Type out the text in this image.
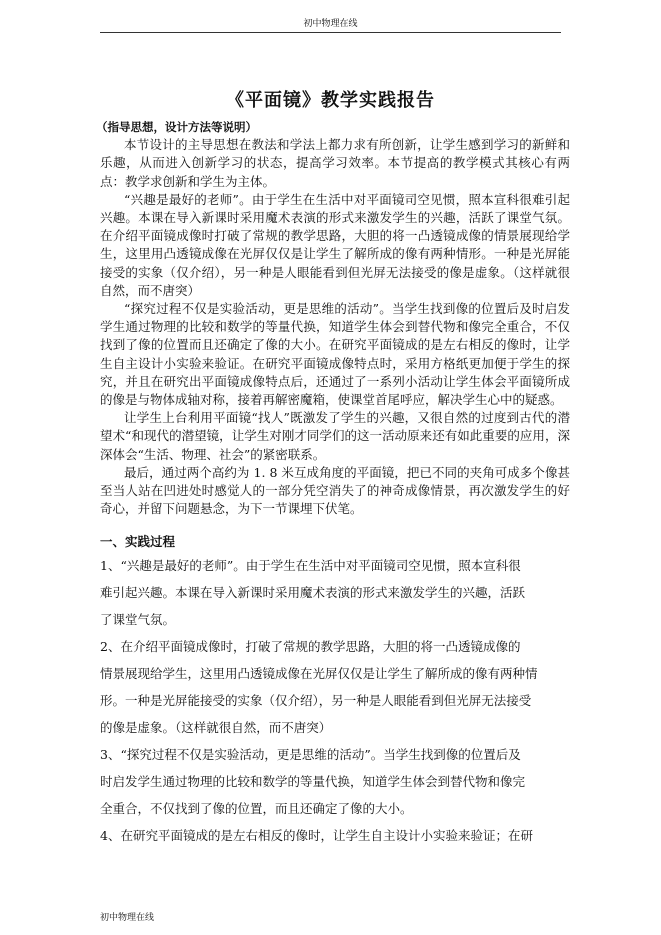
初中物理在线
《平面镜》教学实践报告

（指导思想，设计方法等说明）

本节设计的主导思想在教法和学法上都力求有所创新，让学生感到学习的新鲜和乐趣，从而进入创新学习的状态，提高学习效率。本节提高的教学模式其核心有两点：教学求创新和学生为主体。

“兴趣是最好的老师”。由于学生在生活中对平面镜司空见惯，照本宣科很难引起兴趣。本课在导入新课时采用魔术表演的形式来激发学生的兴趣，活跃了课堂气氛。在介绍平面镜成像时打破了常规的教学思路，大胆的将一凸透镜成像的情景展现给学生，这里用凸透镜成像在光屏仅仅是让学生了解所成的像有两种情形。一种是光屏能接受的实象（仅介绍），另一种是人眼能看到但光屏无法接受的像是虚象。（这样就很自然，而不唐突）

“探究过程不仅是实验活动，更是思维的活动”。当学生找到像的位置后及时启发学生通过物理的比较和数学的等量代换，知道学生体会到替代物和像完全重合，不仅找到了像的位置而且还确定了像的大小。在研究平面镜成的是左右相反的像时，让学生自主设计小实验来验证。在研究平面镜成像特点时，采用方格纸更加便于学生的探究，并且在研究出平面镜成像特点后，还通过了一系列小活动让学生体会平面镜所成的像是与物体成轴对称，接着再解密魔箱，使课堂首尾呼应，解决学生心中的疑惑。

让学生上台利用平面镜“找人”既激发了学生的兴趣，又很自然的过度到古代的潜望术“和现代的潜望镜，让学生对刚才同学们的这一活动原来还有如此重要的应用，深深体会“生活、物理、社会”的紧密联系。

最后，通过两个高约为 1. 8 米互成角度的平面镜，把已不同的夹角可成多个像甚至当人站在凹进处时感觉人的一部分凭空消失了的神奇成像情景，再次激发学生的好奇心，并留下问题悬念，为下一节课埋下伏笔。

一、实践过程

1、“兴趣是最好的老师”。由于学生在生活中对平面镜司空见惯，照本宣科很

难引起兴趣。本课在导入新课时采用魔术表演的形式来激发学生的兴趣，活跃

了课堂气氛。

2、在介绍平面镜成像时，打破了常规的教学思路，大胆的将一凸透镜成像的

情景展现给学生，这里用凸透镜成像在光屏仅仅是让学生了解所成的像有两种情

形。一种是光屏能接受的实象（仅介绍），另一种是人眼能看到但光屏无法接受

的像是虚象。（这样就很自然，而不唐突）

3、“探究过程不仅是实验活动，更是思维的活动”。当学生找到像的位置后及

时启发学生通过物理的比较和数学的等量代换，知道学生体会到替代物和像完

全重合，不仅找到了像的位置，而且还确定了像的大小。

4、在研究平面镜成的是左右相反的像时，让学生自主设计小实验来验证；在研

初中物理在线
